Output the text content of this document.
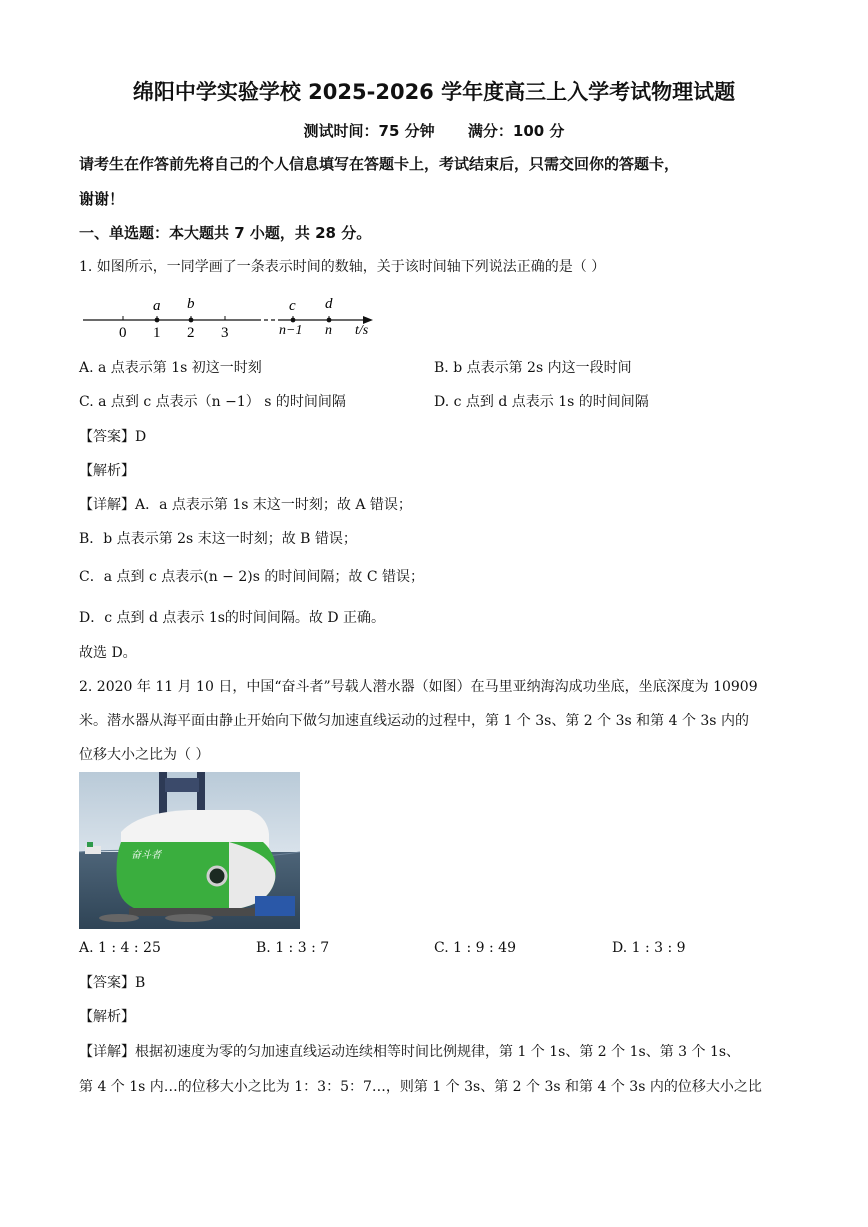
绵阳中学实验学校 2025-2026 学年度高三上入学考试物理试题
测试时间：75 分钟 满分：100 分
请考生在作答前先将自己的个人信息填写在答题卡上，考试结束后，只需交回你的答题卡，
谢谢！
一、单选题：本大题共 7 小题，共 28 分。
1. 如图所示，一同学画了一条表示时间的数轴，关于该时间轴下列说法正确的是（ ）
a b	c d
0 1 2 3	n−1 n t/s
A. a 点表示第 1s 初这一时刻	B. b 点表示第 2s 内这一段时间
C. a 点到 c 点表示（n −1） s 的时间间隔	D. c 点到 d 点表示 1s 的时间间隔
【答案】D
【解析】
【详解】A．a 点表示第 1s 末这一时刻；故 A 错误；
B．b 点表示第 2s 末这一时刻；故 B 错误；
C．a 点到 c 点表示(n − 2)s 的时间间隔；故 C 错误；
D．c 点到 d 点表示 1s的时间间隔。故 D 正确。
故选 D。
2. 2020 年 11 月 10 日，中国“奋斗者”号载人潜水器（如图）在马里亚纳海沟成功坐底，坐底深度为 10909
米。潜水器从海平面由静止开始向下做匀加速直线运动的过程中，第 1 个 3s、第 2 个 3s 和第 4 个 3s 内的
位移大小之比为（ ）
奋斗者
A. 1 : 4 : 25	B. 1 : 3 : 7	C. 1 : 9 : 49	D. 1 : 3 : 9
【答案】B
【解析】
【详解】根据初速度为零的匀加速直线运动连续相等时间比例规律，第 1 个 1s、第 2 个 1s、第 3 个 1s、
第 4 个 1s 内…的位移大小之比为 1：3：5：7…，则第 1 个 3s、第 2 个 3s 和第 4 个 3s 内的位移大小之比
